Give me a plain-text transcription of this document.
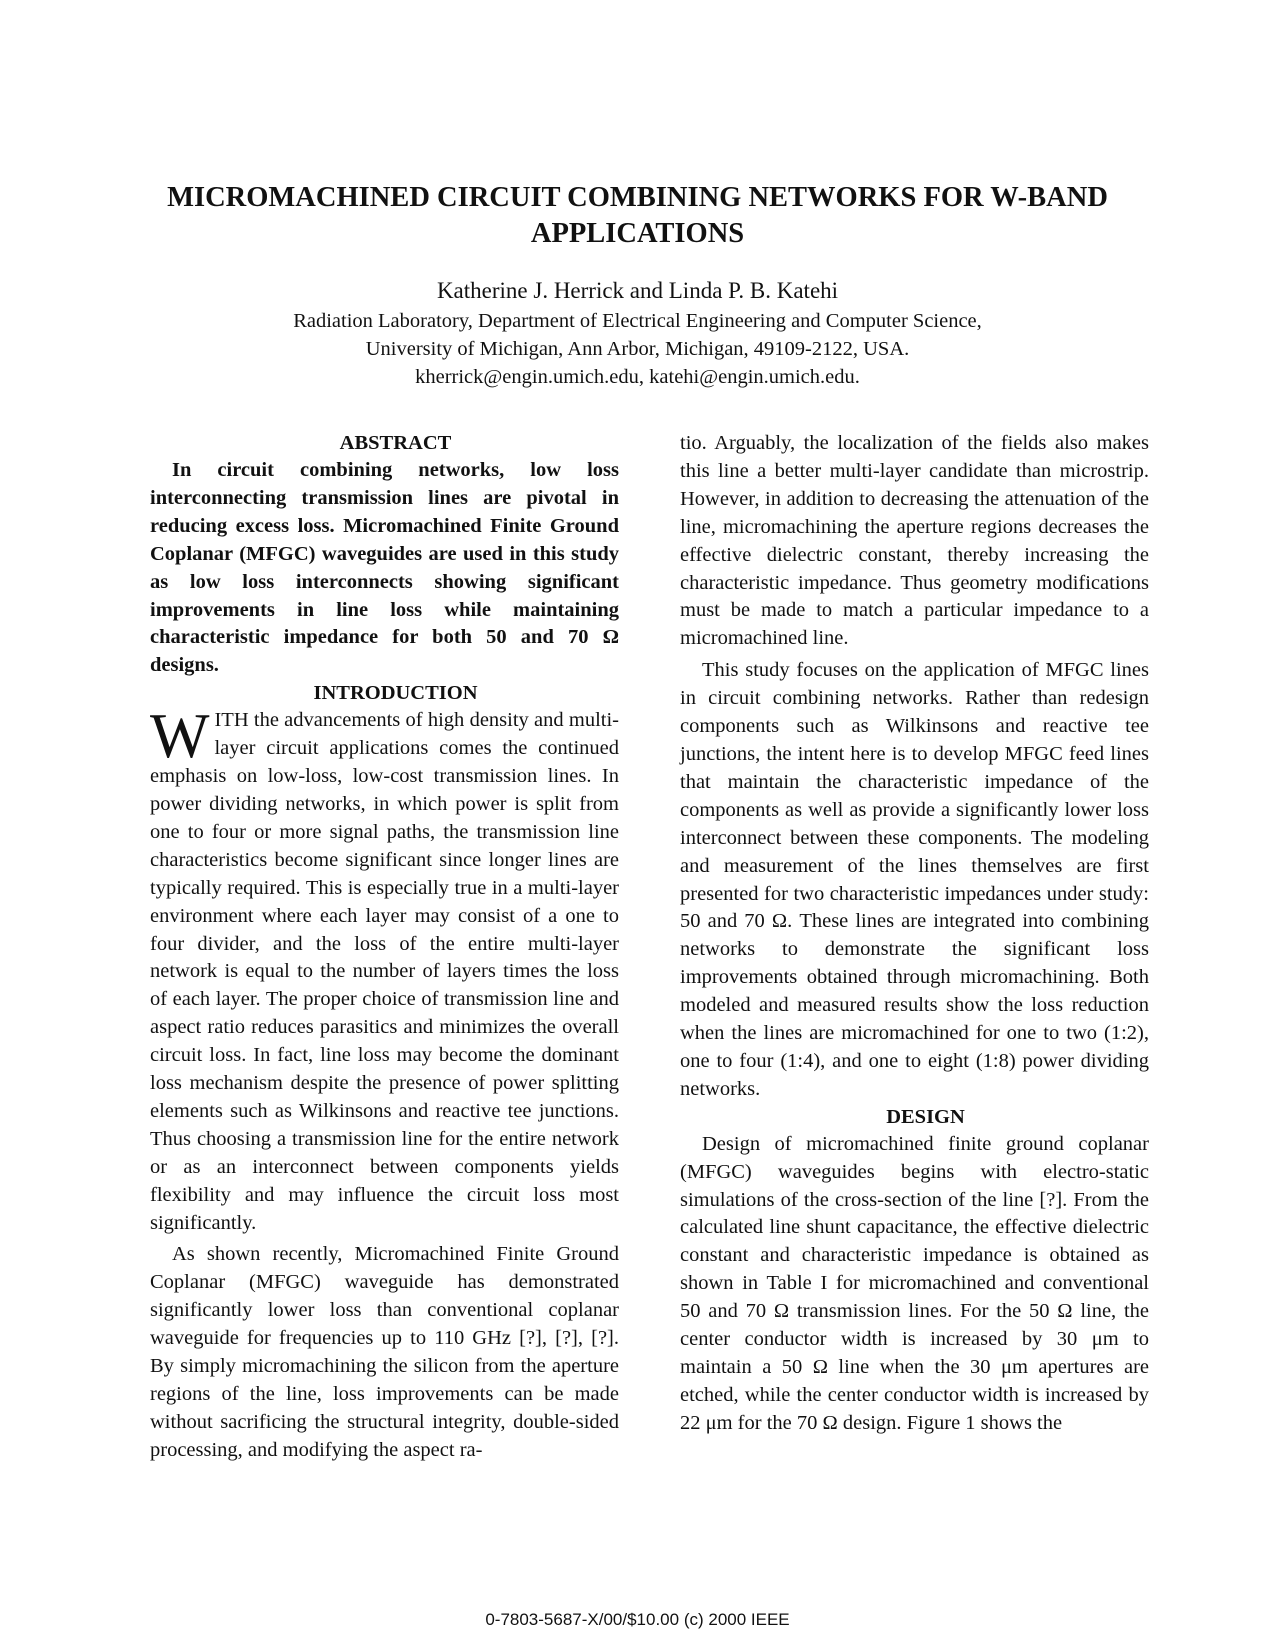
MICROMACHINED CIRCUIT COMBINING NETWORKS FOR W-BAND APPLICATIONS
Katherine J. Herrick and Linda P. B. Katehi
Radiation Laboratory, Department of Electrical Engineering and Computer Science,
University of Michigan, Ann Arbor, Michigan, 49109-2122, USA.
kherrick@engin.umich.edu, katehi@engin.umich.edu.

ABSTRACT

In circuit combining networks, low loss interconnecting transmission lines are pivotal in reducing excess loss. Micromachined Finite Ground Coplanar (MFGC) waveguides are used in this study as low loss interconnects showing significant improvements in line loss while maintaining characteristic impedance for both 50 and 70 Ω designs.

INTRODUCTION

WITH the advancements of high density and multi-layer circuit applications comes the continued emphasis on low-loss, low-cost transmission lines. In power dividing networks, in which power is split from one to four or more signal paths, the transmission line characteristics become significant since longer lines are typically required. This is especially true in a multi-layer environment where each layer may consist of a one to four divider, and the loss of the entire multi-layer network is equal to the number of layers times the loss of each layer. The proper choice of transmission line and aspect ratio reduces parasitics and minimizes the overall circuit loss. In fact, line loss may become the dominant loss mechanism despite the presence of power splitting elements such as Wilkinsons and reactive tee junctions. Thus choosing a transmission line for the entire network or as an interconnect between components yields flexibility and may influence the circuit loss most significantly.

As shown recently, Micromachined Finite Ground Coplanar (MFGC) waveguide has demonstrated significantly lower loss than conventional coplanar waveguide for frequencies up to 110 GHz [?], [?], [?]. By simply micromachining the silicon from the aperture regions of the line, loss improvements can be made without sacrificing the structural integrity, double-sided processing, and modifying the aspect ra-

tio. Arguably, the localization of the fields also makes this line a better multi-layer candidate than microstrip. However, in addition to decreasing the attenuation of the line, micromachining the aperture regions decreases the effective dielectric constant, thereby increasing the characteristic impedance. Thus geometry modifications must be made to match a particular impedance to a micromachined line.

This study focuses on the application of MFGC lines in circuit combining networks. Rather than redesign components such as Wilkinsons and reactive tee junctions, the intent here is to develop MFGC feed lines that maintain the characteristic impedance of the components as well as provide a significantly lower loss interconnect between these components. The modeling and measurement of the lines themselves are first presented for two characteristic impedances under study: 50 and 70 Ω. These lines are integrated into combining networks to demonstrate the significant loss improvements obtained through micromachining. Both modeled and measured results show the loss reduction when the lines are micromachined for one to two (1:2), one to four (1:4), and one to eight (1:8) power dividing networks.

DESIGN

Design of micromachined finite ground coplanar (MFGC) waveguides begins with electro-static simulations of the cross-section of the line [?]. From the calculated line shunt capacitance, the effective dielectric constant and characteristic impedance is obtained as shown in Table I for micromachined and conventional 50 and 70 Ω transmission lines. For the 50 Ω line, the center conductor width is increased by 30 μm to maintain a 50 Ω line when the 30 μm apertures are etched, while the center conductor width is increased by 22 μm for the 70 Ω design. Figure 1 shows the

0-7803-5687-X/00/$10.00 (c) 2000 IEEE
